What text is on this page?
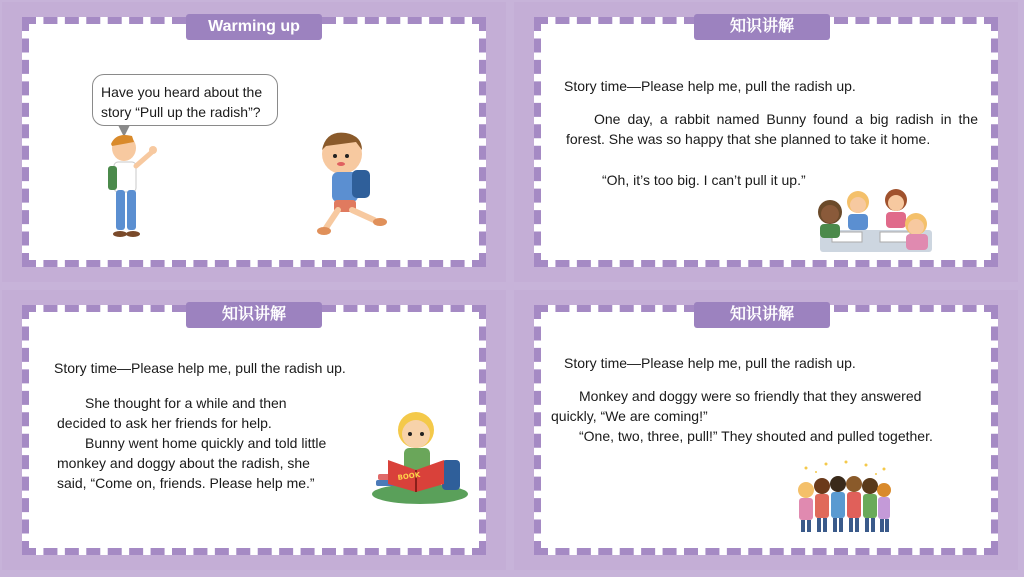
Warming up
Have you heard about the
story “Pull up the radish”?
知识讲解
Story time—Please help me, pull the radish up.

One day, a rabbit named Bunny found a big radish in the forest. She was so happy that she planned to take it home.

“Oh, it’s too big. I can’t pull it up.”
知识讲解
Story time—Please help me, pull the radish up.
She thought for a while and then
decided to ask her friends for help.
Bunny went home quickly and told little
monkey and doggy about the radish, she
said, “Come on, friends. Please help me.”	BOOK
知识讲解
Story time—Please help me, pull the radish up.
Monkey and doggy were so friendly that they answered
quickly, “We are coming!”
“One, two, three, pull!” They shouted and pulled together.
